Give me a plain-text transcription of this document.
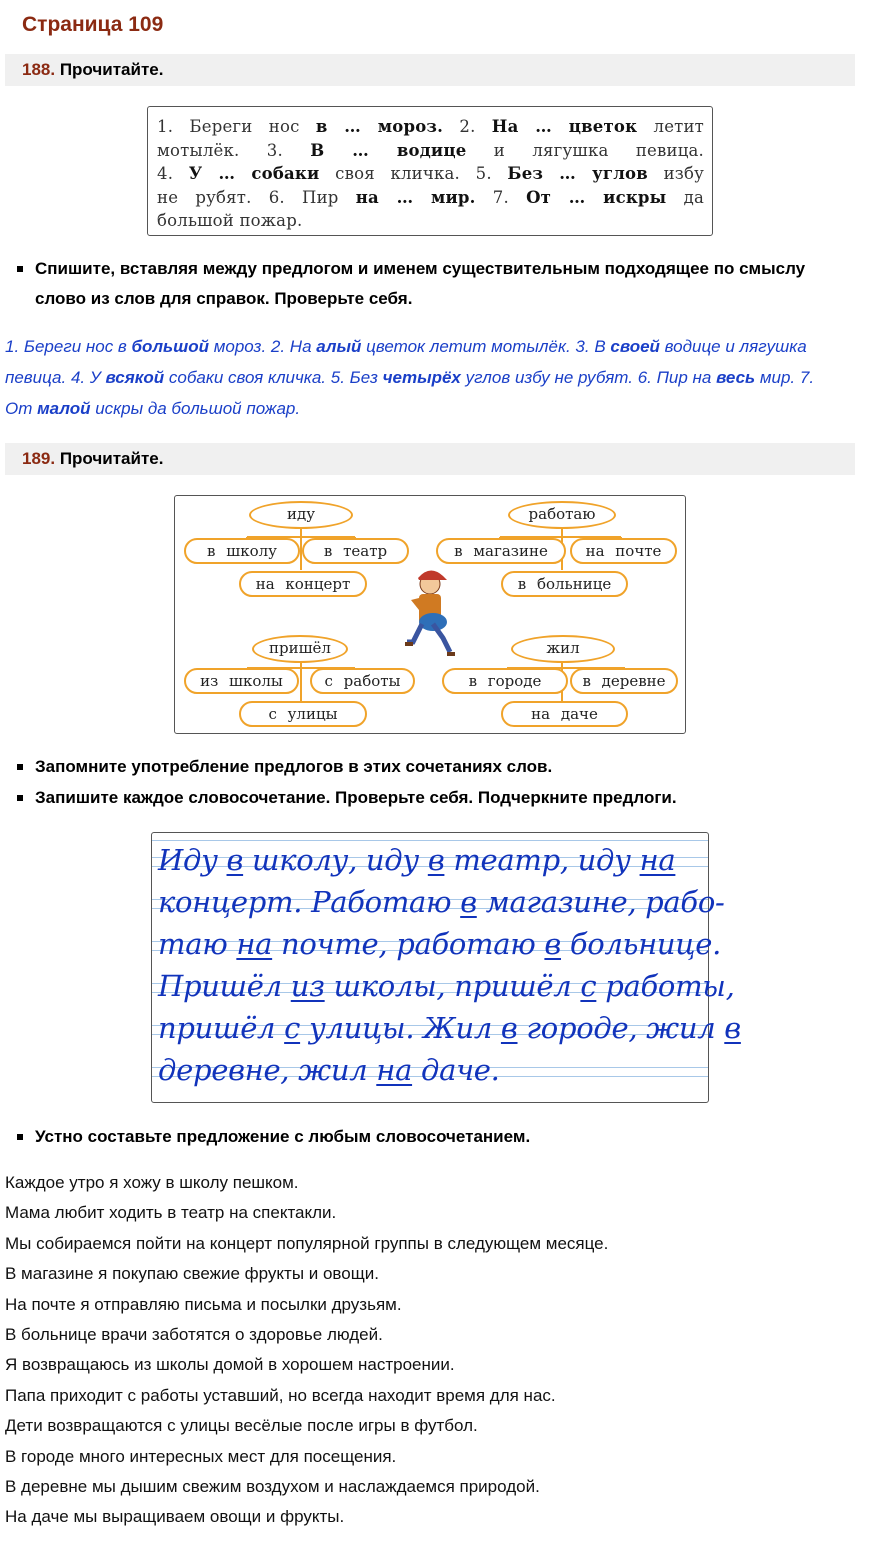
Страница 109
188. Прочитайте.
1. Береги нос в … мороз. 2. На … цветок летит
мотылёк. 3. В … водице и лягушка певица.
4. У … собаки своя кличка. 5. Без … углов избу
не рубят. 6. Пир на … мир. 7. От … искры да
большой пожар.
Спишите, вставляя между предлогом и именем существительным подходящее по смыслу слово из слов для справок. Проверьте себя.
1. Береги нос в большой мороз. 2. На алый цветок летит мотылёк. 3. В своей водице и лягушка певица. 4. У всякой собаки своя кличка. 5. Без четырёх углов избу не рубят. 6. Пир на весь мир. 7. От малой искры да большой пожар.
189. Прочитайте.
иду
в школу	в театр
на концерт
работаю
в магазине	на почте
в больнице
пришёл
из школы	с работы
с улицы
жил
в городе	в деревне
на даче
Запомните употребление предлогов в этих сочетаниях слов.
Запишите каждое словосочетание. Проверьте себя. Подчеркните предлоги.
Иду в школу, иду в театр, иду на
концерт. Работаю в магазине, рабо-
таю на почте, работаю в больнице.
Пришёл из школы, пришёл с работы,
пришёл с улицы. Жил в городе, жил в
деревне, жил на даче.
Устно составьте предложение с любым словосочетанием.
Каждое утро я хожу в школу пешком.
Мама любит ходить в театр на спектакли.
Мы собираемся пойти на концерт популярной группы в следующем месяце.
В магазине я покупаю свежие фрукты и овощи.
На почте я отправляю письма и посылки друзьям.
В больнице врачи заботятся о здоровье людей.
Я возвращаюсь из школы домой в хорошем настроении.
Папа приходит с работы уставший, но всегда находит время для нас.
Дети возвращаются с улицы весёлые после игры в футбол.
В городе много интересных мест для посещения.
В деревне мы дышим свежим воздухом и наслаждаемся природой.
На даче мы выращиваем овощи и фрукты.
